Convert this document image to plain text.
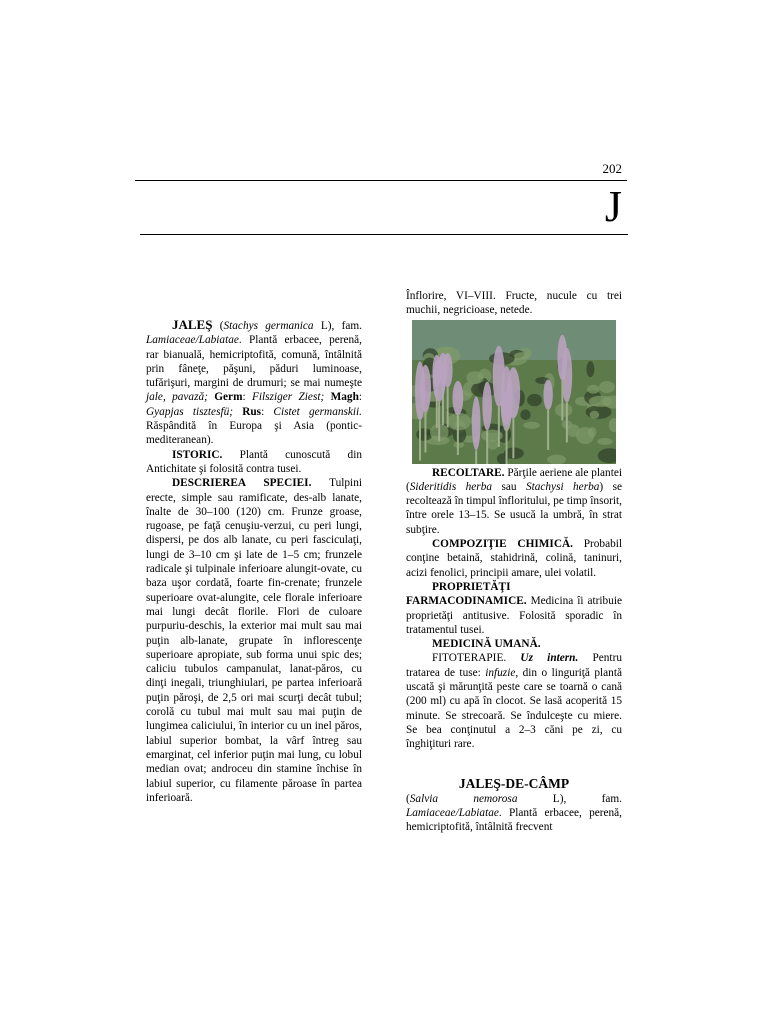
202
J

JALEŞ (Stachys germanica L), fam. Lamiaceae/Labiatae. Plantă erbacee, perenă, rar bianuală, hemicriptofită, comună, întâlnită prin fâneţe, păşuni, păduri luminoase, tufărişuri, margini de drumuri; se mai numeşte jale, pavază; Germ: Filsziger Ziest; Magh: Gyapjas tisztesfü; Rus: Cistet germanskii. Răspândită în Europa şi Asia (pontic-mediteranean).

ISTORIC. Plantă cunoscută din Antichitate şi folosită contra tusei.

DESCRIEREA SPECIEI. Tulpini erecte, simple sau ramificate, des-alb lanate, înalte de 30–100 (120) cm. Frunze groase, rugoase, pe faţă cenuşiu-verzui, cu peri lungi, dispersi, pe dos alb lanate, cu peri fasciculaţi, lungi de 3–10 cm şi late de 1–5 cm; frunzele radicale şi tulpinale inferioare alungit-ovate, cu baza uşor cordată, foarte fin-crenate; frunzele superioare ovat-alungite, cele florale inferioare mai lungi decât florile. Flori de culoare purpuriu-deschis, la exterior mai mult sau mai puţin alb-lanate, grupate în inflorescenţe superioare apropiate, sub forma unui spic des; caliciu tubulos campanulat, lanat-păros, cu dinţi inegali, triunghiulari, pe partea inferioară puţin păroşi, de 2,5 ori mai scurţi decât tubul; corolă cu tubul mai mult sau mai puţin de lungimea caliciului, în interior cu un inel păros, labiul superior bombat, la vârf întreg sau emarginat, cel inferior puţin mai lung, cu lobul median ovat; androceu din stamine închise în labiul superior, cu filamente păroase în partea inferioară.

Înflorire, VI–VIII. Fructe, nucule cu trei muchii, negricioase, netede.

RECOLTARE. Părţile aeriene ale plantei (Sideritidis herba sau Stachysi herba) se recoltează în timpul înfloritului, pe timp însorit, între orele 13–15. Se usucă la umbră, în strat subţire.

COMPOZIŢIE CHIMICĂ. Probabil conţine betaină, stahidrină, colină, taninuri, acizi fenolici, principii amare, ulei volatil.

PROPRIETĂŢI

FARMACODINAMICE. Medicina îi atribuie proprietăţi antitusive. Folosită sporadic în tratamentul tusei.

MEDICINĂ UMANĂ.

FITOTERAPIE. Uz intern. Pentru tratarea de tuse: infuzie, din o linguriţă plantă uscată şi mărunţită peste care se toarnă o cană (200 ml) cu apă în clocot. Se lasă acoperită 15 minute. Se strecoară. Se îndulceşte cu miere. Se bea conţinutul a 2–3 căni pe zi, cu înghiţituri rare.

JALEŞ-DE-CÂMP

(Salvia nemorosa L), fam. Lamiaceae/Labiatae. Plantă erbacee, perenă, hemicriptofită, întâlnită frecvent
